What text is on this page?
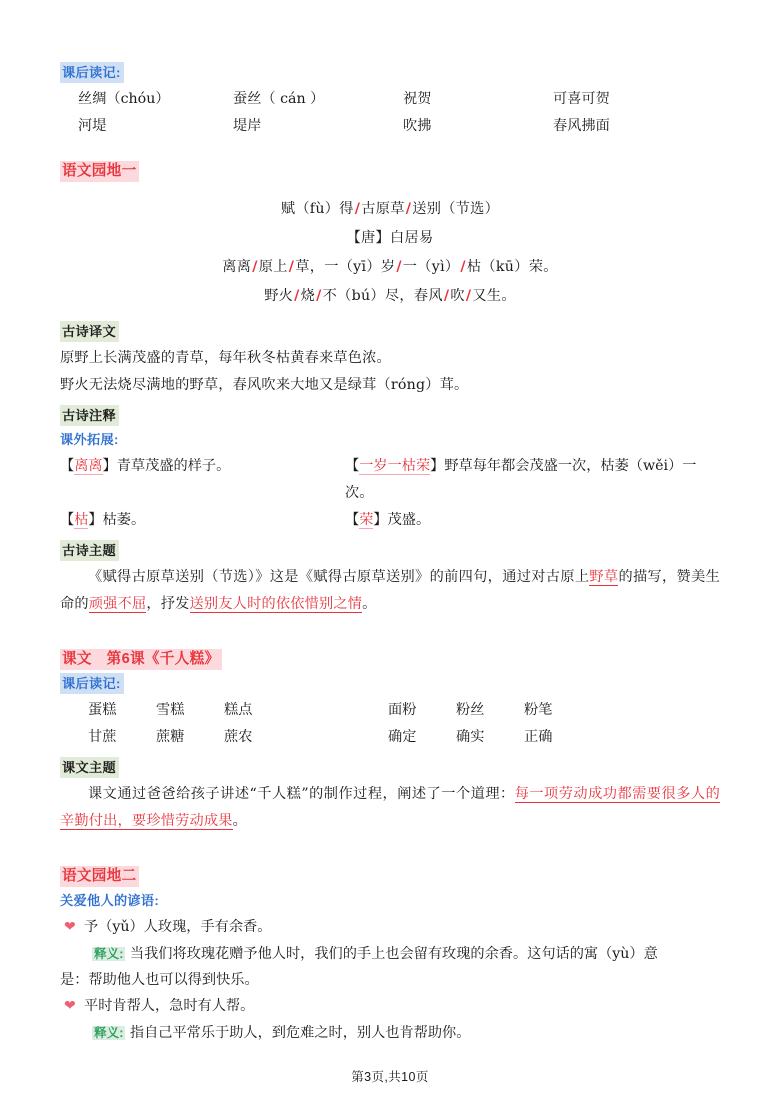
课后读记:
丝绸（chóu）	蚕丝（ cán ）	祝贺	可喜可贺
河堤	堤岸	吹拂	春风拂面
语文园地一
赋（fù）得/古原草/送别（节选）
【唐】白居易
离离/原上/草，一（yī）岁/一（yì）/枯（kū）荣。
野火/烧/不（bú）尽，春风/吹/又生。
古诗译文
原野上长满茂盛的青草，每年秋冬枯黄春来草色浓。
野火无法烧尽满地的野草，春风吹来大地又是绿茸（róng）茸。
古诗注释
课外拓展:
【离离】青草茂盛的样子。	【一岁一枯荣】野草每年都会茂盛一次，枯萎（wěi）一次。
【枯】枯萎。	【荣】茂盛。
古诗主题
《赋得古原草送别（节选）》这是《赋得古原草送别》的前四句，通过对古原上野草的描写，赞美生命的顽强不屈，抒发送别友人时的依依惜别之情。
课文　第6课《千人糕》
课后读记:
蛋糕	雪糕	糕点	面粉	粉丝	粉笔
甘蔗	蔗糖	蔗农	确定	确实	正确
课文主题
课文通过爸爸给孩子讲述“千人糕”的制作过程，阐述了一个道理：每一项劳动成功都需要很多人的辛勤付出，要珍惜劳动成果。
语文园地二
关爱他人的谚语:
❤ 予（yǔ）人玫瑰，手有余香。
释义: 当我们将玫瑰花赠予他人时，我们的手上也会留有玫瑰的余香。这句话的寓（yù）意
是：帮助他人也可以得到快乐。
❤ 平时肯帮人，急时有人帮。
释义: 指自己平常乐于助人，到危难之时，别人也肯帮助你。
第3页,共10页
